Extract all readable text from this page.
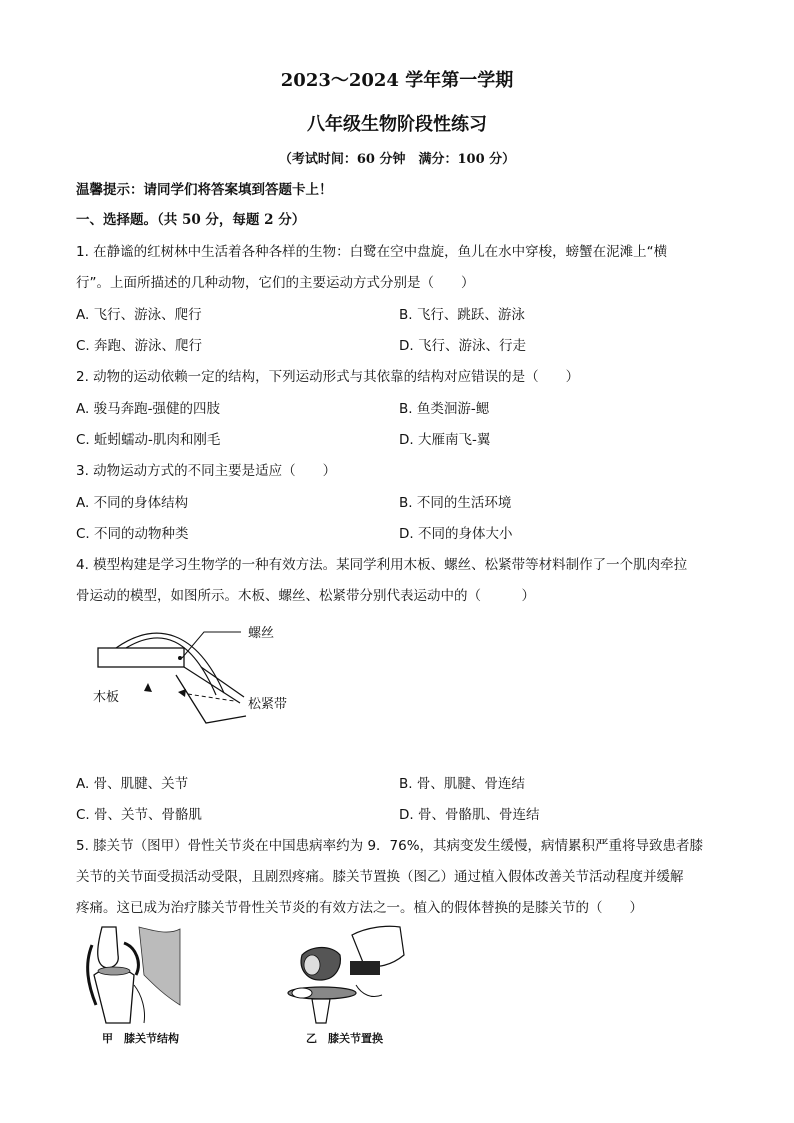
2023～2024 学年第一学期
八年级生物阶段性练习
（考试时间：60 分钟　满分：100 分）
温馨提示：请同学们将答案填到答题卡上！
一、选择题。（共 50 分，每题 2 分）
1. 在静谧的红树林中生活着各种各样的生物：白鹭在空中盘旋，鱼儿在水中穿梭，螃蟹在泥滩上“横
行”。上面所描述的几种动物，它们的主要运动方式分别是（　　）
A. 飞行、游泳、爬行	B. 飞行、跳跃、游泳
C. 奔跑、游泳、爬行	D. 飞行、游泳、行走
2. 动物的运动依赖一定的结构，下列运动形式与其依靠的结构对应错误的是（　　）
A. 骏马奔跑-强健的四肢	B. 鱼类洄游-鳃
C. 蚯蚓蠕动-肌肉和刚毛	D. 大雁南飞-翼
3. 动物运动方式的不同主要是适应（　　）
A. 不同的身体结构	B. 不同的生活环境
C. 不同的动物种类	D. 不同的身体大小
4. 模型构建是学习生物学的一种有效方法。某同学利用木板、螺丝、松紧带等材料制作了一个肌肉牵拉
骨运动的模型，如图所示。木板、螺丝、松紧带分别代表运动中的（　　　）
螺丝
木板	松紧带
A. 骨、肌腱、关节	B. 骨、肌腱、骨连结
C. 骨、关节、骨骼肌	D. 骨、骨骼肌、骨连结
5. 膝关节（图甲）骨性关节炎在中国患病率约为 9．76%，其病变发生缓慢，病情累积严重将导致患者膝
关节的关节面受损活动受限，且剧烈疼痛。膝关节置换（图乙）通过植入假体改善关节活动程度并缓解
疼痛。这已成为治疗膝关节骨性关节炎的有效方法之一。植入的假体替换的是膝关节的（　　）
甲　膝关节结构	乙　膝关节置换
